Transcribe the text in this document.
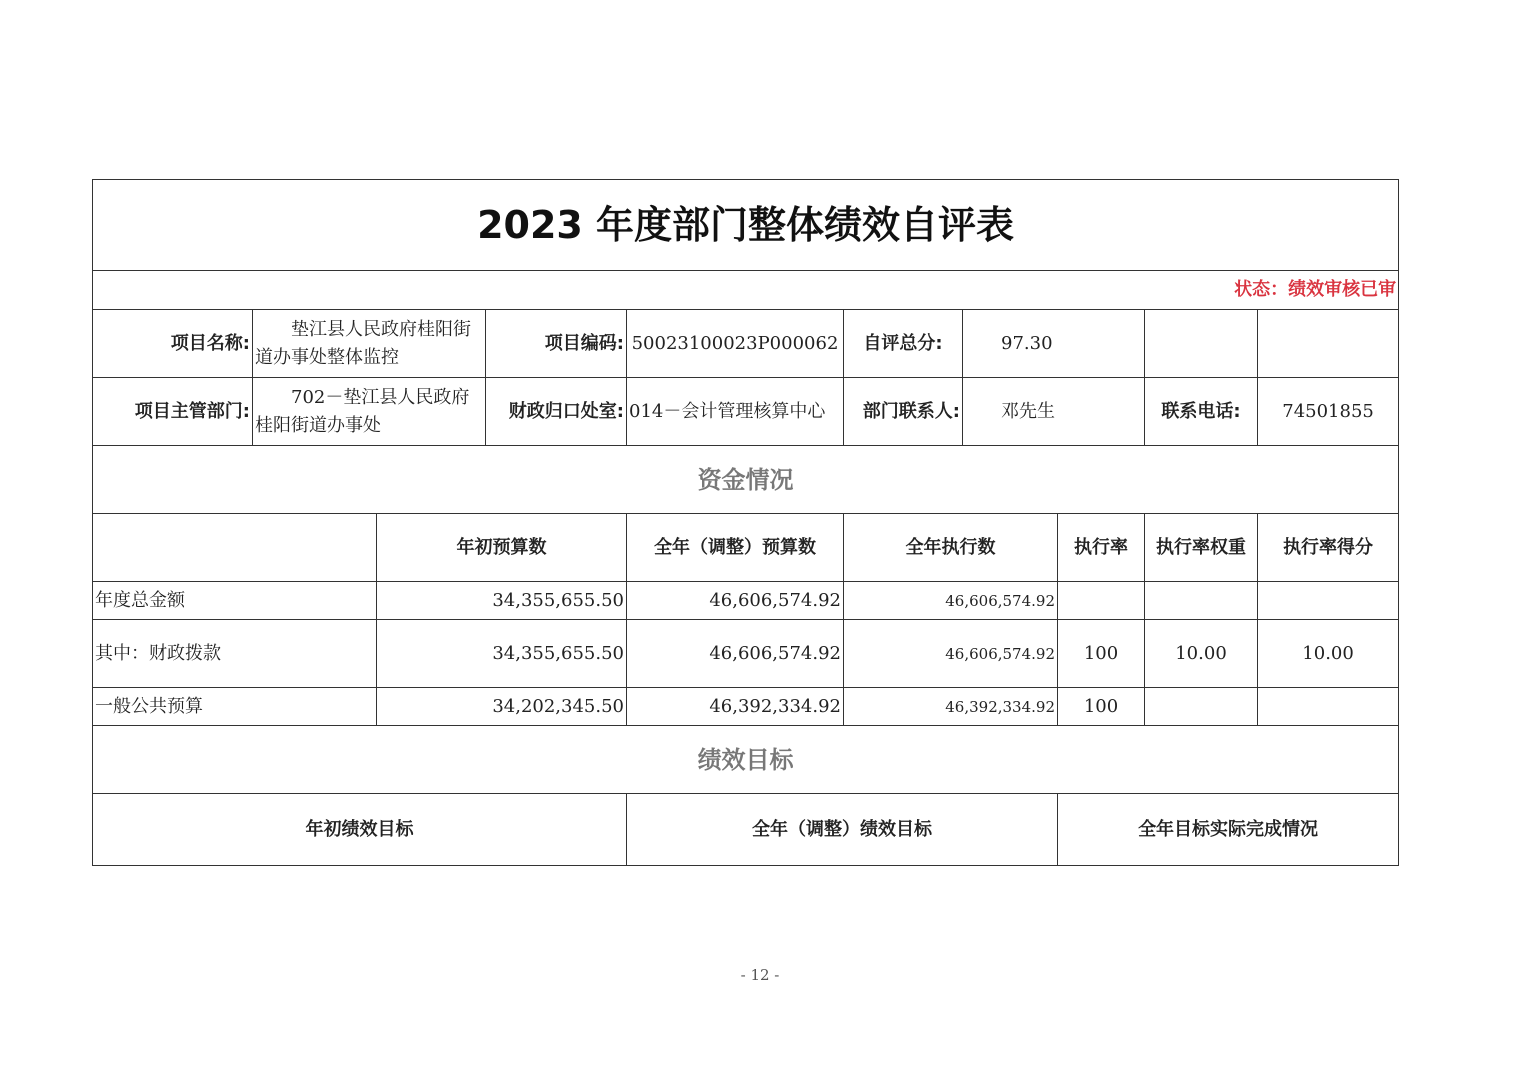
2023 年度部门整体绩效自评表									
状态：绩效审核已审									
项目名称:	垫江县人民政府桂阳街道办事处整体监控		项目编码:	50023100023P000062	自评总分:	97.30			
项目主管部门:	702－垫江县人民政府桂阳街道办事处		财政归口处室:	014－会计管理核算中心	部门联系人:	邓先生		联系电话:	74501855
资金情况									
		年初预算数		全年（调整）预算数	全年执行数		执行率	执行率权重	执行率得分
年度总金额		34,355,655.50		46,606,574.92	46,606,574.92				
其中：财政拨款		34,355,655.50		46,606,574.92	46,606,574.92		100	10.00	10.00
一般公共预算		34,202,345.50		46,392,334.92	46,392,334.92		100		
绩效目标									
年初绩效目标				全年（调整）绩效目标			全年目标实际完成情况		
- 12 -
